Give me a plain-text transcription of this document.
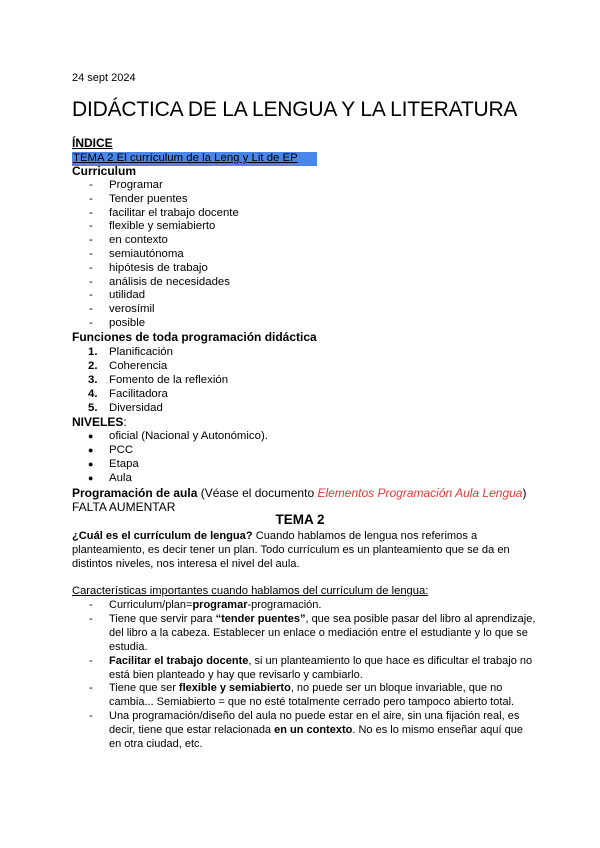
24 sept 2024
DIDÁCTICA DE LA LENGUA Y LA LITERATURA
ÍNDICE
TEMA 2 El currículum de la Leng y Lit de EP
Curriculum
- Programar
- Tender puentes
- facilitar el trabajo docente
- flexible y semiabierto
- en contexto
- semiautónoma
- hipótesis de trabajo
- análisis de necesidades
- utilidad
- verosímil
- posible
Funciones de toda programación didáctica
1. Planificación
2. Coherencia
3. Fomento de la reflexión
4. Facilitadora
5. Diversidad
NIVELES:
● oficial (Nacional y Autonómico).
● PCC
● Etapa
● Aula
Programación de aula (Véase el documento Elementos Programación Aula Lengua) FALTA AUMENTAR
TEMA 2
¿Cuál es el currículum de lengua? Cuando hablamos de lengua nos referimos a planteamiento, es decir tener un plan. Todo currículum es un planteamiento que se da en distintos niveles, nos interesa el nivel del aula.
Características importantes cuando hablamos del currículum de lengua:
- Curriculum/plan=programar-programación.
- Tiene que servir para “tender puentes”, que sea posible pasar del libro al aprendizaje, del libro a la cabeza. Establecer un enlace o mediación entre el estudiante y lo que se estudia.
- Facilitar el trabajo docente, si un planteamiento lo que hace es dificultar el trabajo no está bien planteado y hay que revisarlo y cambiarlo.
- Tiene que ser flexible y semiabierto, no puede ser un bloque invariable, que no cambia... Semiabierto = que no esté totalmente cerrado pero tampoco abierto total.
- Una programación/diseño del aula no puede estar en el aire, sin una fijación real, es decir, tiene que estar relacionada en un contexto. No es lo mismo enseñar aquí que en otra ciudad, etc.
